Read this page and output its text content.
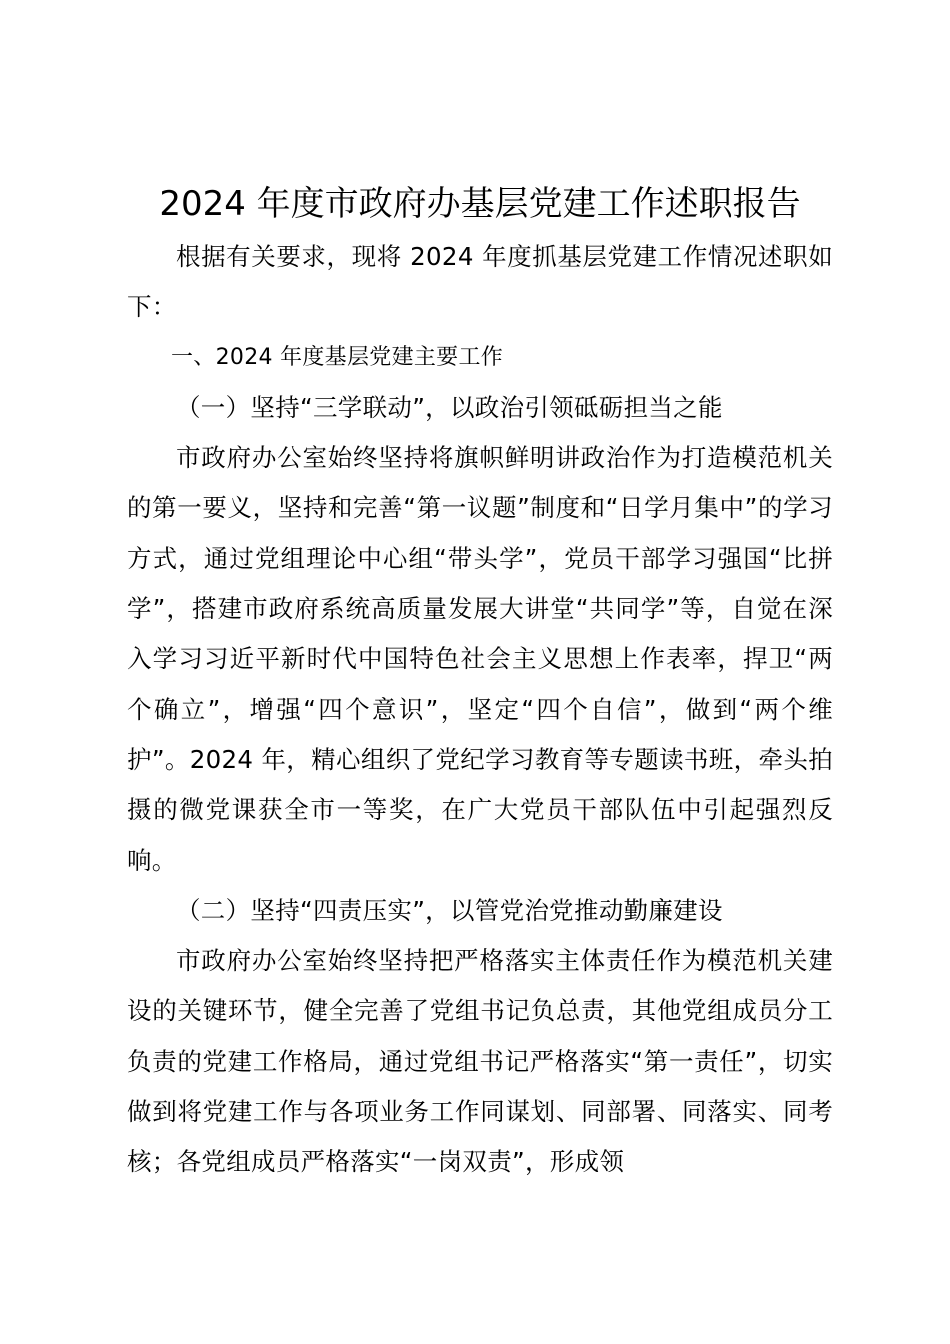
2024 年度市政府办基层党建工作述职报告

根据有关要求，现将 2024 年度抓基层党建工作情况述职如下：

一、2024 年度基层党建主要工作

（一）坚持“三学联动”，以政治引领砥砺担当之能

市政府办公室始终坚持将旗帜鲜明讲政治作为打造模范机关的第一要义，坚持和完善“第一议题”制度和“日学月集中”的学习方式，通过党组理论中心组“带头学”，党员干部学习强国“比拼学”，搭建市政府系统高质量发展大讲堂“共同学”等，自觉在深入学习习近平新时代中国特色社会主义思想上作表率，捍卫“两个确立”，增强“四个意识”，坚定“四个自信”，做到“两个维护”。2024 年，精心组织了党纪学习教育等专题读书班，牵头拍摄的微党课获全市一等奖，在广大党员干部队伍中引起强烈反响。

（二）坚持“四责压实”，以管党治党推动勤廉建设

市政府办公室始终坚持把严格落实主体责任作为模范机关建设的关键环节，健全完善了党组书记负总责，其他党组成员分工负责的党建工作格局，通过党组书记严格落实“第一责任”，切实做到将党建工作与各项业务工作同谋划、同部署、同落实、同考核；各党组成员严格落实“一岗双责”，形成领
